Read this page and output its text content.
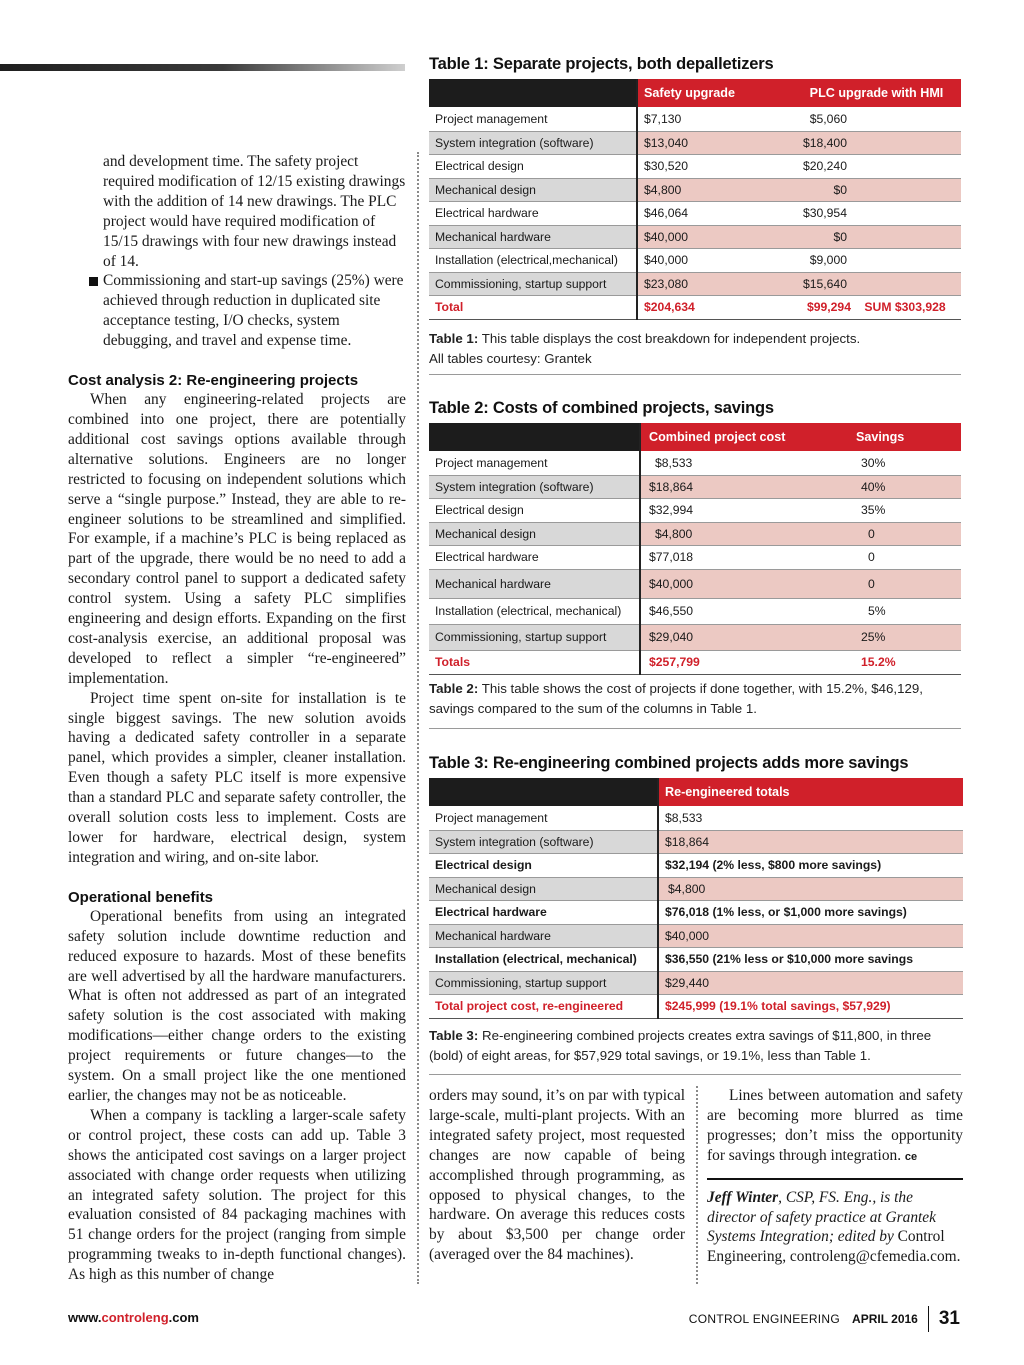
and development time. The safety project required modification of 12/15 existing drawings with the addition of 14 new drawings. The PLC project would have required modification of 15/15 drawings with four new drawings instead of 14.

Commissioning and start-up savings (25%) were achieved through reduction in duplicated site acceptance testing, I/O checks, system debugging, and travel and expense time.

Cost analysis 2: Re-engineering projects

When any engineering-related projects are combined into one project, there are potentially additional cost savings options available through alternative solutions. Engineers are no longer restricted to focusing on independent solutions which serve a “single purpose.” Instead, they are able to re-engineer solutions to be streamlined and simplified. For example, if a machine’s PLC is being replaced as part of the upgrade, there would be no need to add a secondary control panel to support a dedicated safety control system. Using a safety PLC simplifies engineering and design efforts. Expanding on the first cost-analysis exercise, an additional proposal was developed to reflect a simpler “re-engineered” implementation.

Project time spent on-site for installation is te single biggest savings. The new solution avoids having a dedicated safety controller in a separate panel, which provides a simpler, cleaner installation. Even though a safety PLC itself is more expensive than a standard PLC and separate safety controller, the overall solution costs less to implement. Costs are lower for hardware, electrical design, system integration and wiring, and on-site labor.

Operational benefits

Operational benefits from using an integrated safety solution include downtime reduction and reduced exposure to hazards. Most of these benefits are well advertised by all the hardware manufacturers. What is often not addressed as part of an integrated safety solution is the cost associated with making modifications—either change orders to the existing project requirements or future changes—to the system. On a small project like the one mentioned earlier, the changes may not be as noticeable.

When a company is tackling a larger-scale safety or control project, these costs can add up. Table 3 shows the anticipated cost savings on a larger project associated with change order requests when utilizing an integrated safety solution. The project for this evaluation consisted of 84 packaging machines with 51 change orders for the project (ranging from simple programming tweaks to in-depth functional changes). As high as this number of change

Table 1: Separate projects, both depalletizers
	Safety upgrade	PLC upgrade with HMI
Project management	$7,130	$5,060
System integration (software)	$13,040	$18,400
Electrical design	$30,520	$20,240
Mechanical design	$4,800	$0
Electrical hardware	$46,064	$30,954
Mechanical hardware	$40,000	$0
Installation (electrical,mechanical)	$40,000	$9,000
Commissioning, startup support	$23,080	$15,640
Total	$204,634	$99,294 SUM $303,928
Table 1: This table displays the cost breakdown for independent projects.
All tables courtesy: Grantek
Table 2: Costs of combined projects, savings
	Combined project cost	Savings
Project management	$8,533	30%
System integration (software)	$18,864	40%
Electrical design	$32,994	35%
Mechanical design	$4,800	0
Electrical hardware	$77,018	0
Mechanical hardware	$40,000	0
Installation (electrical, mechanical)	$46,550	5%
Commissioning, startup support	$29,040	25%
Totals	$257,799	15.2%
Table 2: This table shows the cost of projects if done together, with 15.2%, $46,129, savings compared to the sum of the columns in Table 1.
Table 3: Re-engineering combined projects adds more savings
	Re-engineered totals
Project management	$8,533
System integration (software)	$18,864
Electrical design	$32,194 (2% less, $800 more savings)
Mechanical design	$4,800
Electrical hardware	$76,018 (1% less, or $1,000 more savings)
Mechanical hardware	$40,000
Installation (electrical, mechanical)	$36,550 (21% less or $10,000 more savings
Commissioning, startup support	$29,440
Total project cost, re-engineered	$245,999 (19.1% total savings, $57,929)
Table 3: Re-engineering combined projects creates extra savings of $11,800, in three (bold) of eight areas, for $57,929 total savings, or 19.1%, less than Table 1.

orders may sound, it’s on par with typical large-scale, multi-plant projects. With an integrated safety project, most requested changes are now capable of being accomplished through programming, as opposed to physical changes, to the hardware. On average this reduces costs by about $3,500 per change order (averaged over the 84 machines).

Lines between automation and safety are becoming more blurred as time progresses; don’t miss the opportunity for savings through integration. ce

Jeff Winter, CSP, FS. Eng., is the director of safety practice at Grantek Systems Integration; edited by Control Engineering, controleng@cfemedia.com.

www.controleng.com	CONTROL ENGINEERING APRIL 2016 31
